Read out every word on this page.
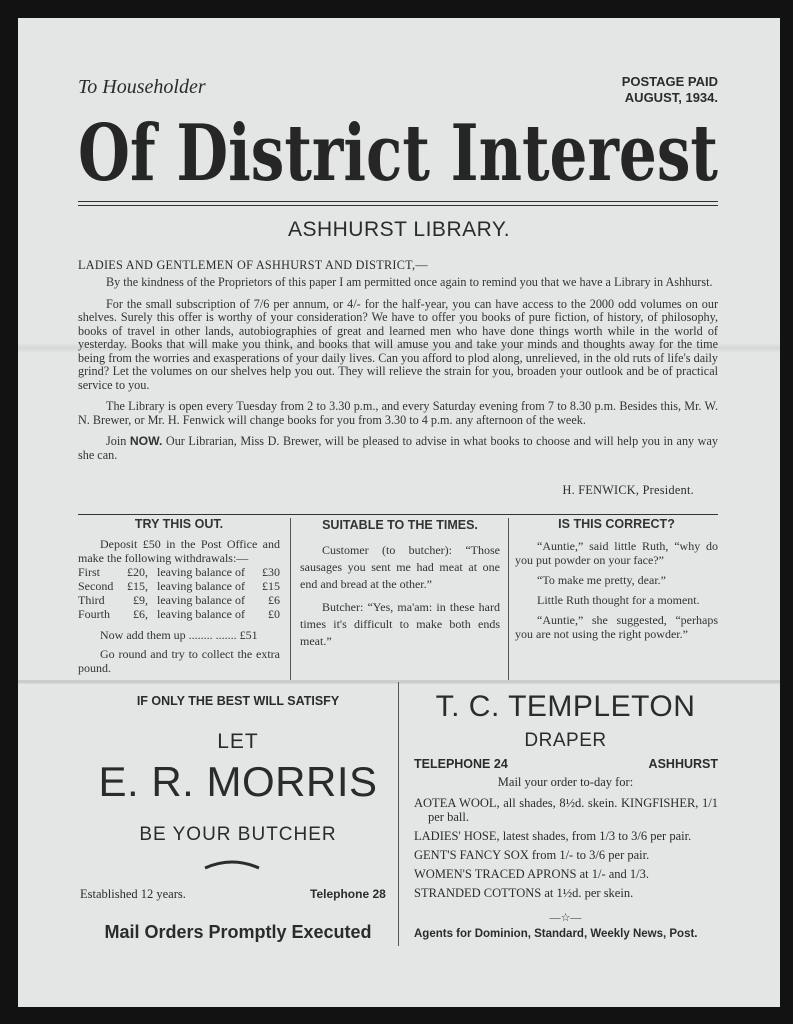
To Householder	POSTAGE PAID
AUGUST, 1934.
Of District Interest
ASHHURST LIBRARY.
LADIES AND GENTLEMEN OF ASHHURST AND DISTRICT,—

By the kindness of the Proprietors of this paper I am permitted once again to remind you that we have a Library in Ashhurst.

For the small subscription of 7/6 per annum, or 4/- for the half-year, you can have access to the 2000 odd volumes on our shelves. Surely this offer is worthy of your consideration? We have to offer you books of pure fiction, of history, of philosophy, books of travel in other lands, autobiographies of great and learned men who have done things worth while in the world of yesterday. Books that will make you think, and books that will amuse you and take your minds and thoughts away for the time being from the worries and exasperations of your daily lives. Can you afford to plod along, unrelieved, in the old ruts of life's daily grind? Let the volumes on our shelves help you out. They will relieve the strain for you, broaden your outlook and be of practical service to you.

The Library is open every Tuesday from 2 to 3.30 p.m., and every Saturday evening from 7 to 8.30 p.m. Besides this, Mr. W. N. Brewer, or Mr. H. Fenwick will change books for you from 3.30 to 4 p.m. any afternoon of the week.

Join NOW. Our Librarian, Miss D. Brewer, will be pleased to advise in what books to choose and will help you in any way she can.

H. FENWICK, President.
TRY THIS OUT.
Deposit £50 in the Post Office and make the following withdrawals:—
First	£20, leaving balance of	£30
Second	£15, leaving balance of	£15
Third	£9, leaving balance of	£6
Fourth	£6, leaving balance of	£0
Now add them up ........ ....... £51
Go round and try to collect the extra pound.
SUITABLE TO THE TIMES.
Customer (to butcher): “Those sausages you sent me had meat at one end and bread at the other.”
Butcher: “Yes, ma'am: in these hard times it's difficult to make both ends meat.”
IS THIS CORRECT?
“Auntie,” said little Ruth, “why do you put powder on your face?”
“To make me pretty, dear.”
Little Ruth thought for a moment.
“Auntie,” she suggested, “perhaps you are not using the right powder.”
IF ONLY THE BEST WILL SATISFY
LET
E. R. MORRIS
BE YOUR BUTCHER
Established 12 years.	Telephone 28
Mail Orders Promptly Executed
T. C. TEMPLETON
DRAPER
TELEPHONE 24	ASHHURST
Mail your order to-day for:
AOTEA WOOL, all shades, 8½d. skein. KINGFISHER, 1/1 per ball.
LADIES' HOSE, latest shades, from 1/3 to 3/6 per pair.
GENT'S FANCY SOX from 1/- to 3/6 per pair.
WOMEN'S TRACED APRONS at 1/- and 1/3.
STRANDED COTTONS at 1½d. per skein.
—☆—
Agents for Dominion, Standard, Weekly News, Post.
